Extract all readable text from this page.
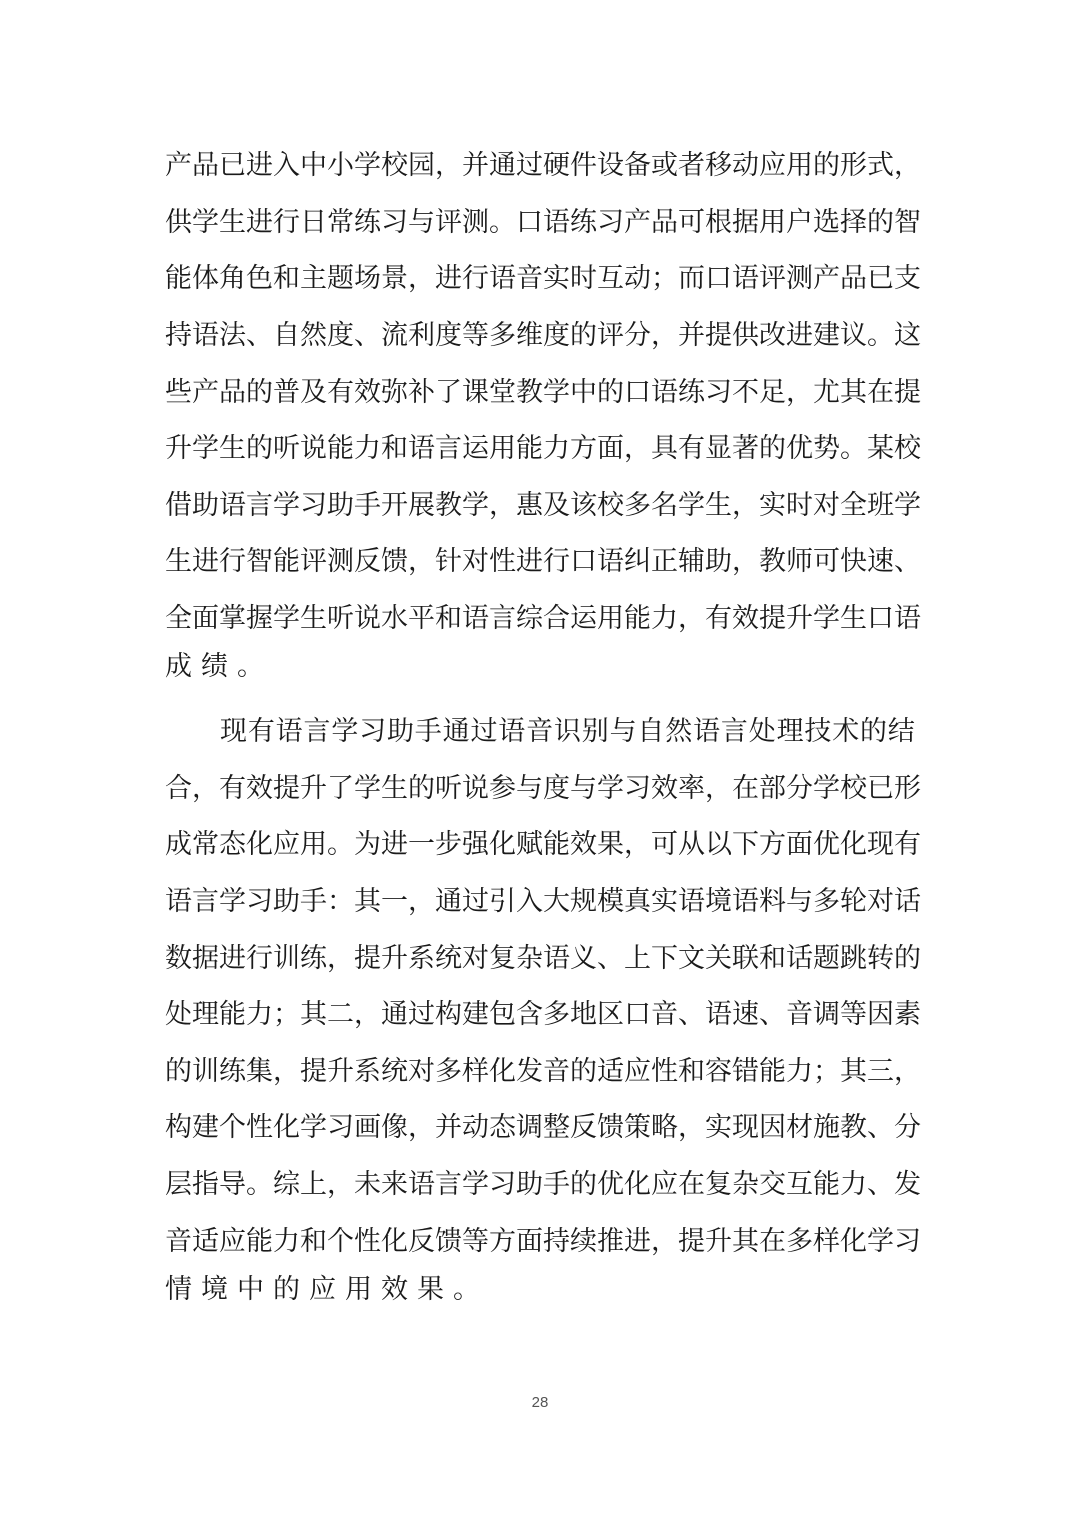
产 品 已 进 入 中 小 学 校 园 ， 并 通 过 硬 件 设 备 或 者 移 动 应 用 的 形 式 ，
供 学 生 进 行 日 常 练 习 与 评 测 。 口 语 练 习 产 品 可 根 据 用 户 选 择 的 智
能 体 角 色 和 主 题 场 景 ， 进 行 语 音 实 时 互 动 ； 而 口 语 评 测 产 品 已 支
持 语 法 、 自 然 度 、 流 利 度 等 多 维 度 的 评 分 ， 并 提 供 改 进 建 议 。 这
些 产 品 的 普 及 有 效 弥 补 了 课 堂 教 学 中 的 口 语 练 习 不 足 ， 尤 其 在 提
升 学 生 的 听 说 能 力 和 语 言 运 用 能 力 方 面 ， 具 有 显 著 的 优 势 。 某 校
借 助 语 言 学 习 助 手 开 展 教 学 ， 惠 及 该 校 多 名 学 生 ， 实 时 对 全 班 学
生 进 行 智 能 评 测 反 馈 ， 针 对 性 进 行 口 语 纠 正 辅 助 ， 教 师 可 快 速 、
全 面 掌 握 学 生 听 说 水 平 和 语 言 综 合 运 用 能 力 ， 有 效 提 升 学 生 口 语
成绩。
现 有 语 言 学 习 助 手 通 过 语 音 识 别 与 自 然 语 言 处 理 技 术 的 结
合 ， 有 效 提 升 了 学 生 的 听 说 参 与 度 与 学 习 效 率 ， 在 部 分 学 校 已 形
成 常 态 化 应 用 。 为 进 一 步 强 化 赋 能 效 果 ， 可 从 以 下 方 面 优 化 现 有
语 言 学 习 助 手 ： 其 一 ， 通 过 引 入 大 规 模 真 实 语 境 语 料 与 多 轮 对 话
数 据 进 行 训 练 ， 提 升 系 统 对 复 杂 语 义 、 上 下 文 关 联 和 话 题 跳 转 的
处 理 能 力 ； 其 二 ， 通 过 构 建 包 含 多 地 区 口 音 、 语 速 、 音 调 等 因 素
的 训 练 集 ， 提 升 系 统 对 多 样 化 发 音 的 适 应 性 和 容 错 能 力 ； 其 三 ，
构 建 个 性 化 学 习 画 像 ， 并 动 态 调 整 反 馈 策 略 ， 实 现 因 材 施 教 、 分
层 指 导 。 综 上 ， 未 来 语 言 学 习 助 手 的 优 化 应 在 复 杂 交 互 能 力 、 发
音 适 应 能 力 和 个 性 化 反 馈 等 方 面 持 续 推 进 ， 提 升 其 在 多 样 化 学 习
情境中的应用效果。
28
